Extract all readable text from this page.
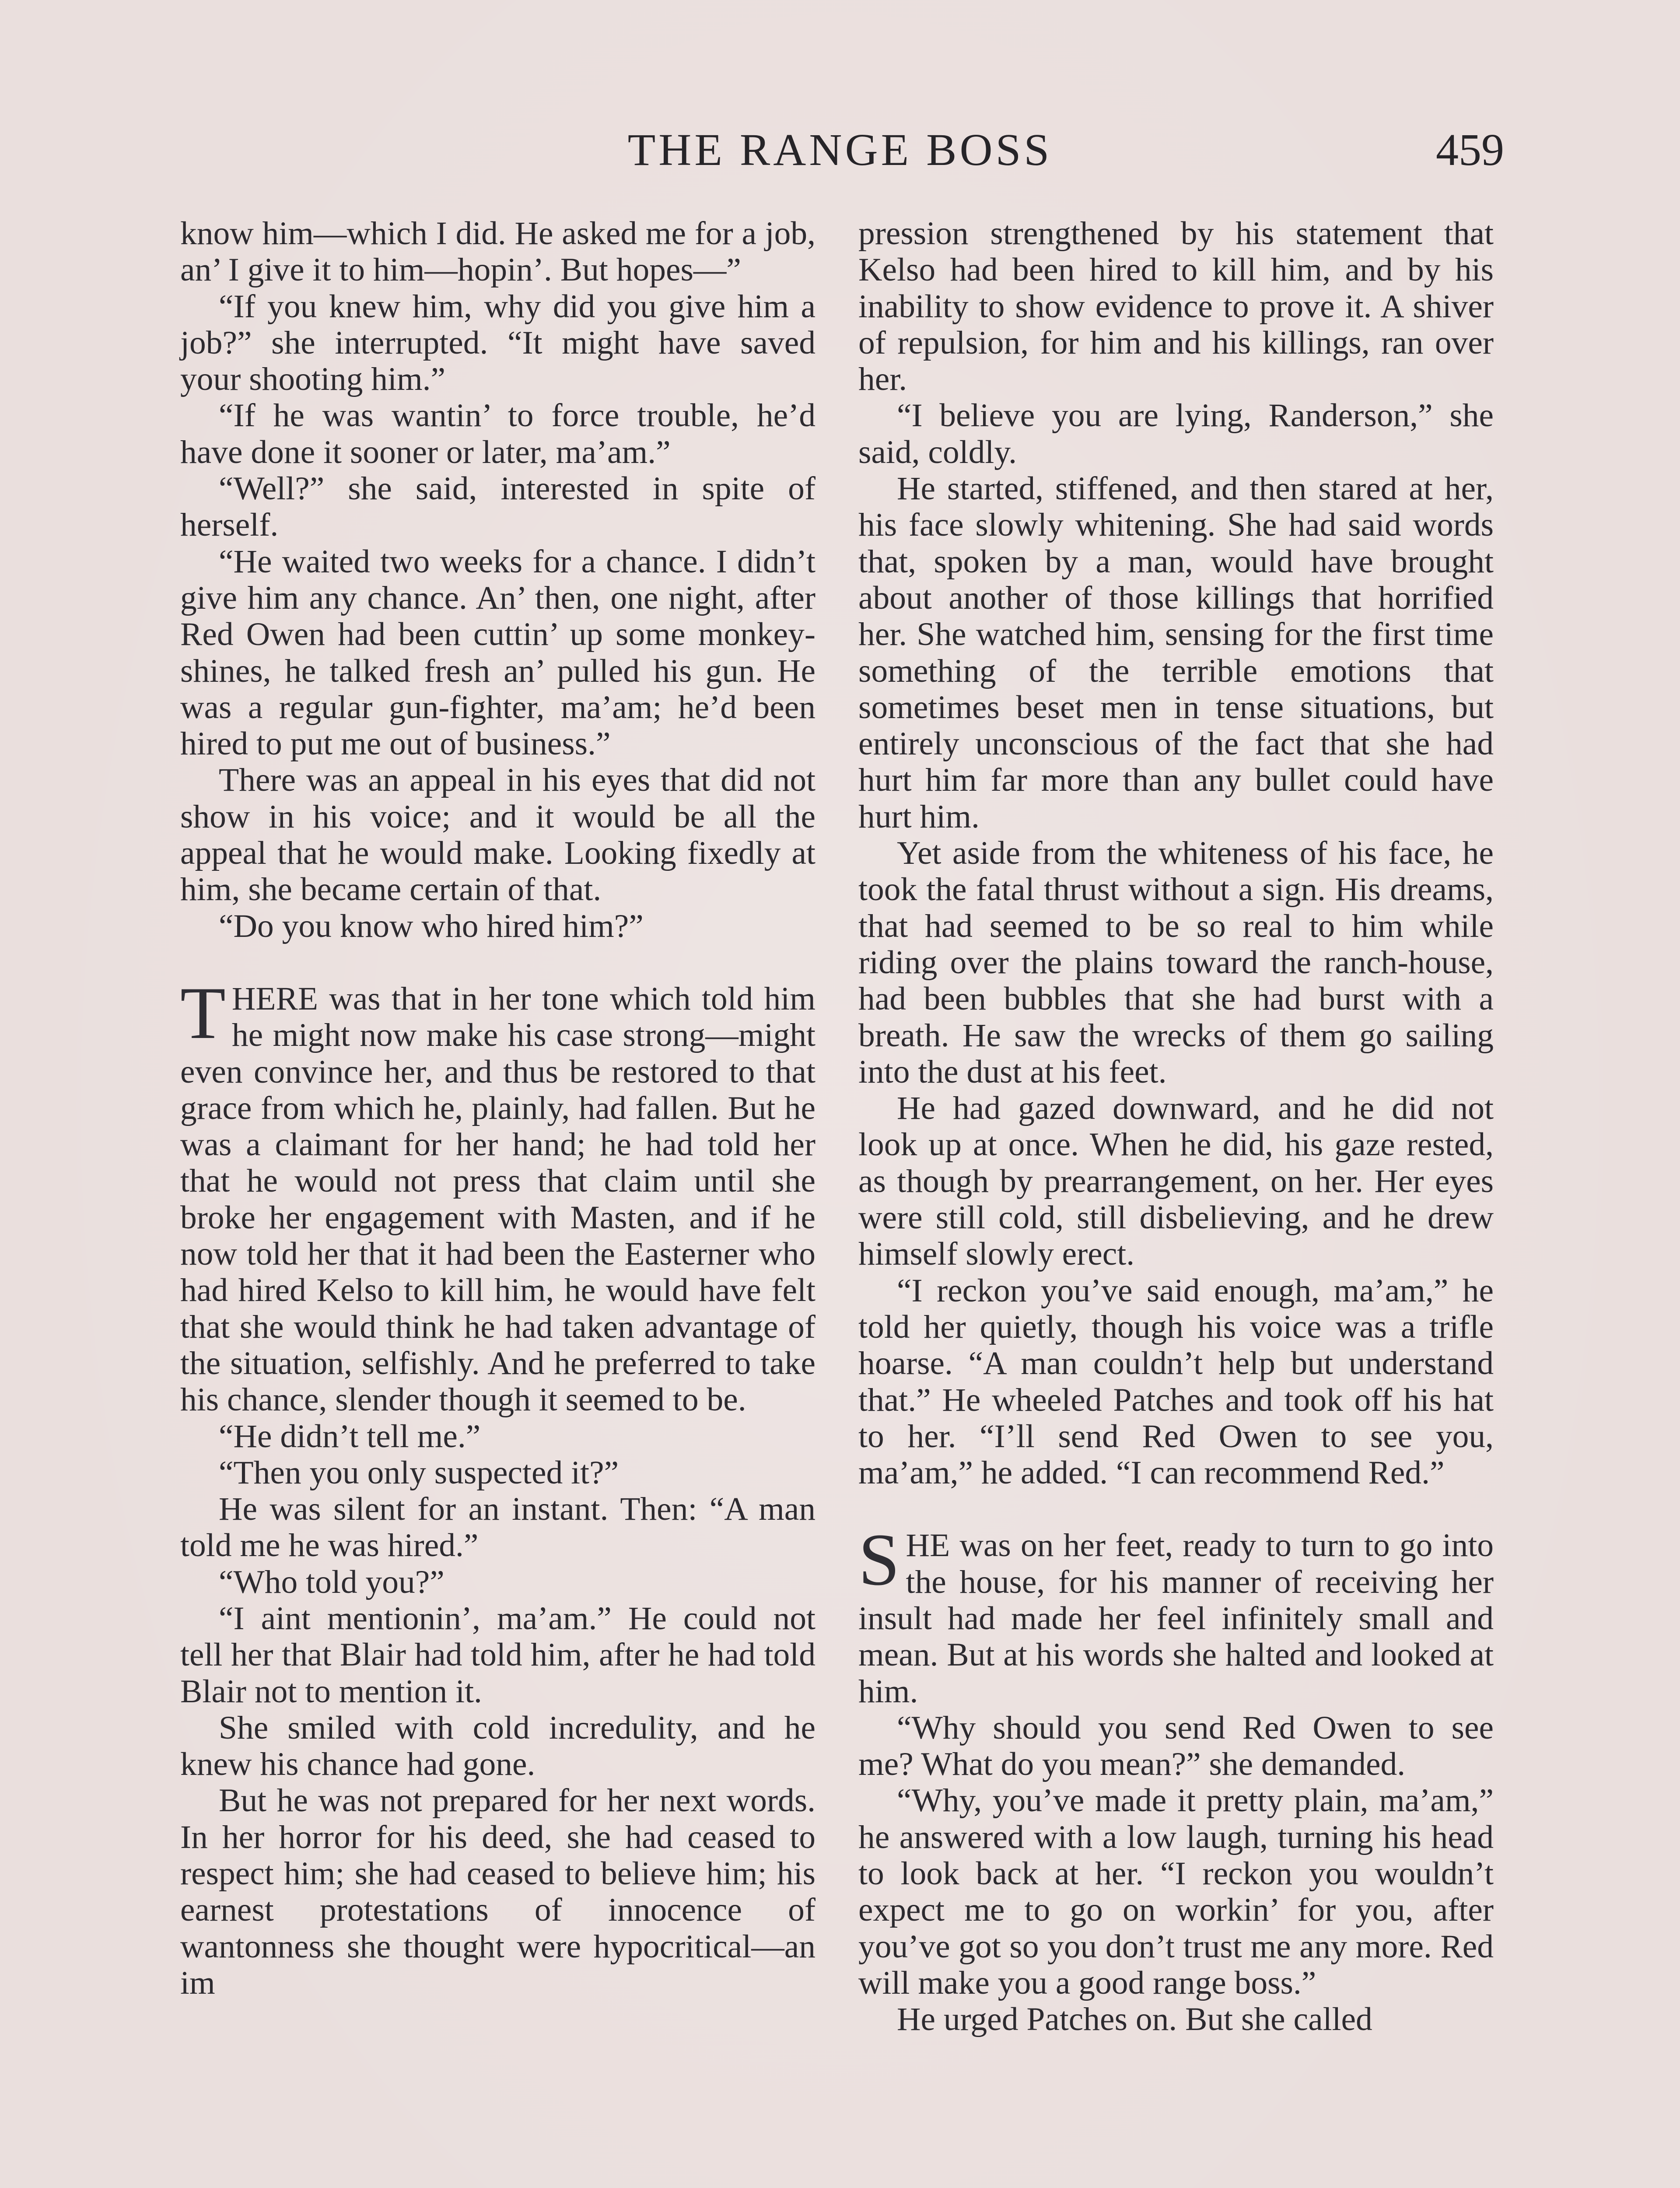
THE RANGE BOSS	459

know him—which I did. He asked me for a job, an’ I give it to him—hopin’. But hopes—”

“If you knew him, why did you give him a job?” she interrupted. “It might have saved your shooting him.”

“If he was wantin’ to force trouble, he’d have done it sooner or later, ma’am.”

“Well?” she said, interested in spite of herself.

“He waited two weeks for a chance. I didn’t give him any chance. An’ then, one night, after Red Owen had been cuttin’ up some monkey-shines, he talked fresh an’ pulled his gun. He was a regular gun-fighter, ma’am; he’d been hired to put me out of business.”

There was an appeal in his eyes that did not show in his voice; and it would be all the appeal that he would make. Looking fixedly at him, she became certain of that.

“Do you know who hired him?”

THERE was that in her tone which told him he might now make his case strong—might even convince her, and thus be restored to that grace from which he, plainly, had fallen. But he was a claimant for her hand; he had told her that he would not press that claim until she broke her engagement with Masten, and if he now told her that it had been the Easterner who had hired Kelso to kill him, he would have felt that she would think he had taken advantage of the situation, selfishly. And he preferred to take his chance, slender though it seemed to be.

“He didn’t tell me.”

“Then you only suspected it?”

He was silent for an instant. Then: “A man told me he was hired.”

“Who told you?”

“I aint mentionin’, ma’am.” He could not tell her that Blair had told him, after he had told Blair not to mention it.

She smiled with cold incredulity, and he knew his chance had gone.

But he was not prepared for her next words. In her horror for his deed, she had ceased to respect him; she had ceased to believe him; his earnest protestations of innocence of wantonness she thought were hypocritical—an im

pression strengthened by his statement that Kelso had been hired to kill him, and by his inability to show evidence to prove it. A shiver of repulsion, for him and his killings, ran over her.

“I believe you are lying, Randerson,” she said, coldly.

He started, stiffened, and then stared at her, his face slowly whitening. She had said words that, spoken by a man, would have brought about another of those killings that horrified her. She watched him, sensing for the first time something of the terrible emotions that sometimes beset men in tense situations, but entirely unconscious of the fact that she had hurt him far more than any bullet could have hurt him.

Yet aside from the whiteness of his face, he took the fatal thrust without a sign. His dreams, that had seemed to be so real to him while riding over the plains toward the ranch-house, had been bubbles that she had burst with a breath. He saw the wrecks of them go sailing into the dust at his feet.

He had gazed downward, and he did not look up at once. When he did, his gaze rested, as though by prearrangement, on her. Her eyes were still cold, still disbelieving, and he drew himself slowly erect.

“I reckon you’ve said enough, ma’am,” he told her quietly, though his voice was a trifle hoarse. “A man couldn’t help but understand that.” He wheeled Patches and took off his hat to her. “I’ll send Red Owen to see you, ma’am,” he added. “I can recommend Red.”

SHE was on her feet, ready to turn to go into the house, for his manner of receiving her insult had made her feel infinitely small and mean. But at his words she halted and looked at him.

“Why should you send Red Owen to see me? What do you mean?” she demanded.

“Why, you’ve made it pretty plain, ma’am,” he answered with a low laugh, turning his head to look back at her. “I reckon you wouldn’t expect me to go on workin’ for you, after you’ve got so you don’t trust me any more. Red will make you a good range boss.”

He urged Patches on. But she called
